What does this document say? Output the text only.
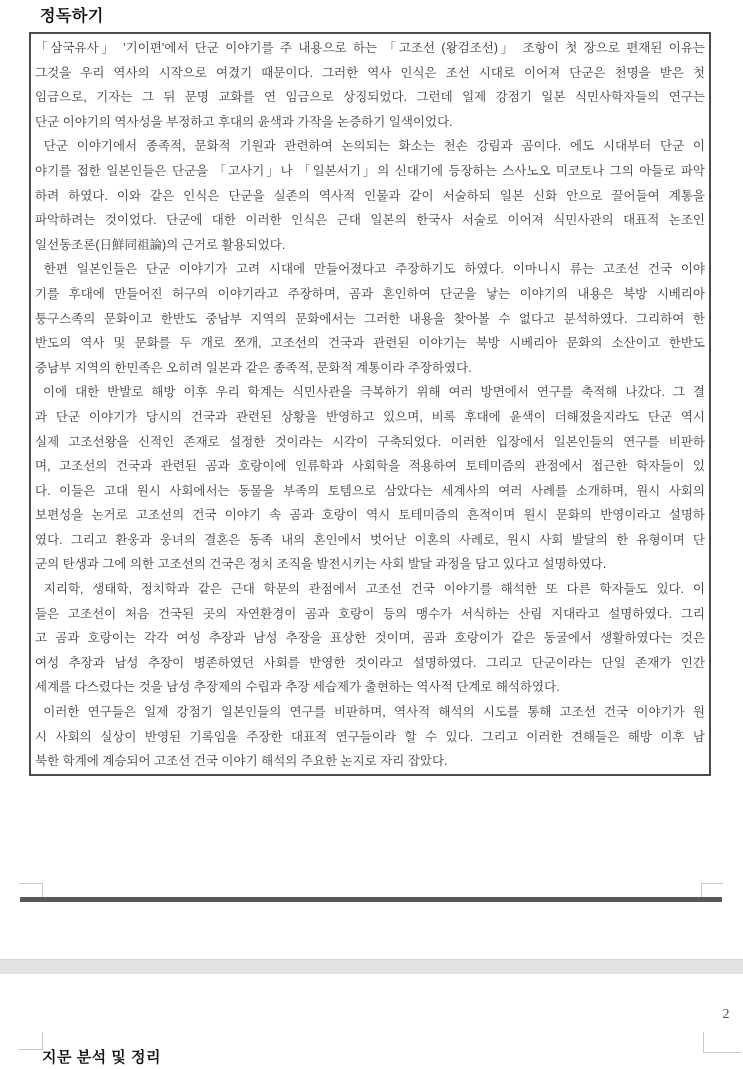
정독하기
「삼국유사」 '기이편'에서 단군 이야기를 주 내용으로 하는 「고조선 (왕검조선)」 조항이 첫 장으로 편재된 이유는
그것을 우리 역사의 시작으로 여겼기 때문이다. 그러한 역사 인식은 조선 시대로 이어져 단군은 천명을 받은 첫
임금으로, 기자는 그 뒤 문명 교화를 연 임금으로 상징되었다. 그런데 일제 강점기 일본 식민사학자들의 연구는
단군 이야기의 역사성을 부정하고 후대의 윤색과 가작을 논증하기 일색이었다.
단군 이야기에서 종족적, 문화적 기원과 관련하여 논의되는 화소는 천손 강림과 곰이다. 에도 시대부터 단군 이
야기를 접한 일본인들은 단군을 「고사기」나 「일본서기」의 신대기에 등장하는 스사노오 미코토나 그의 아들로 파악
하려 하였다. 이와 같은 인식은 단군을 실존의 역사적 인물과 같이 서술하되 일본 신화 안으로 끌어들여 계통을
파악하려는 것이었다. 단군에 대한 이러한 인식은 근대 일본의 한국사 서술로 이어져 식민사관의 대표적 논조인
일선동조론(日鮮同祖論)의 근거로 활용되었다.
한편 일본인들은 단군 이야기가 고려 시대에 만들어졌다고 주장하기도 하였다. 이마니시 류는 고조선 건국 이야
기를 후대에 만들어진 허구의 이야기라고 주장하며, 곰과 혼인하여 단군을 낳는 이야기의 내용은 북방 시베리아
퉁구스족의 문화이고 한반도 중남부 지역의 문화에서는 그러한 내용을 찾아볼 수 없다고 분석하였다. 그리하여 한
반도의 역사 및 문화를 두 개로 쪼개, 고조선의 건국과 관련된 이야기는 북방 시베리아 문화의 소산이고 한반도
중남부 지역의 한민족은 오히려 일본과 같은 종족적, 문화적 계통이라 주장하였다.
이에 대한 반발로 해방 이후 우리 학계는 식민사관을 극복하기 위해 여러 방면에서 연구를 축적해 나갔다. 그 결
과 단군 이야기가 당시의 건국과 관련된 상황을 반영하고 있으며, 비록 후대에 윤색이 더해졌을지라도 단군 역시
실제 고조선왕을 신적인 존재로 설정한 것이라는 시각이 구축되었다. 이러한 입장에서 일본인들의 연구를 비판하
며, 고조선의 건국과 관련된 곰과 호랑이에 인류학과 사회학을 적용하여 토테미즘의 관점에서 접근한 학자들이 있
다. 이들은 고대 원시 사회에서는 동물을 부족의 토템으로 삼았다는 세계사의 여러 사례를 소개하며, 원시 사회의
보편성을 논거로 고조선의 건국 이야기 속 곰과 호랑이 역시 토테미즘의 흔적이며 원시 문화의 반영이라고 설명하
였다. 그리고 환웅과 웅녀의 결혼은 동족 내의 혼인에서 벗어난 이혼의 사례로, 원시 사회 발달의 한 유형이며 단
군의 탄생과 그에 의한 고조선의 건국은 정치 조직을 발전시키는 사회 발달 과정을 담고 있다고 설명하였다.
지리학, 생태학, 정치학과 같은 근대 학문의 관점에서 고조선 건국 이야기를 해석한 또 다른 학자들도 있다. 이
들은 고조선이 처음 건국된 곳의 자연환경이 곰과 호랑이 등의 맹수가 서식하는 산림 지대라고 설명하였다. 그리
고 곰과 호랑이는 각각 여성 추장과 남성 추장을 표상한 것이며, 곰과 호랑이가 같은 동굴에서 생활하였다는 것은
여성 추장과 남성 추장이 병존하였던 사회를 반영한 것이라고 설명하였다. 그리고 단군이라는 단일 존재가 인간
세계를 다스렸다는 것을 남성 추장제의 수립과 추장 세습제가 출현하는 역사적 단계로 해석하였다.
이러한 연구들은 일제 강점기 일본인들의 연구를 비판하며, 역사적 해석의 시도를 통해 고조선 건국 이야기가 원
시 사회의 실상이 반영된 기록임을 주장한 대표적 연구들이라 할 수 있다. 그리고 이러한 견해들은 해방 이후 남
북한 학계에 계승되어 고조선 건국 이야기 해석의 주요한 논지로 자리 잡았다.
2
지문 분석 및 정리
